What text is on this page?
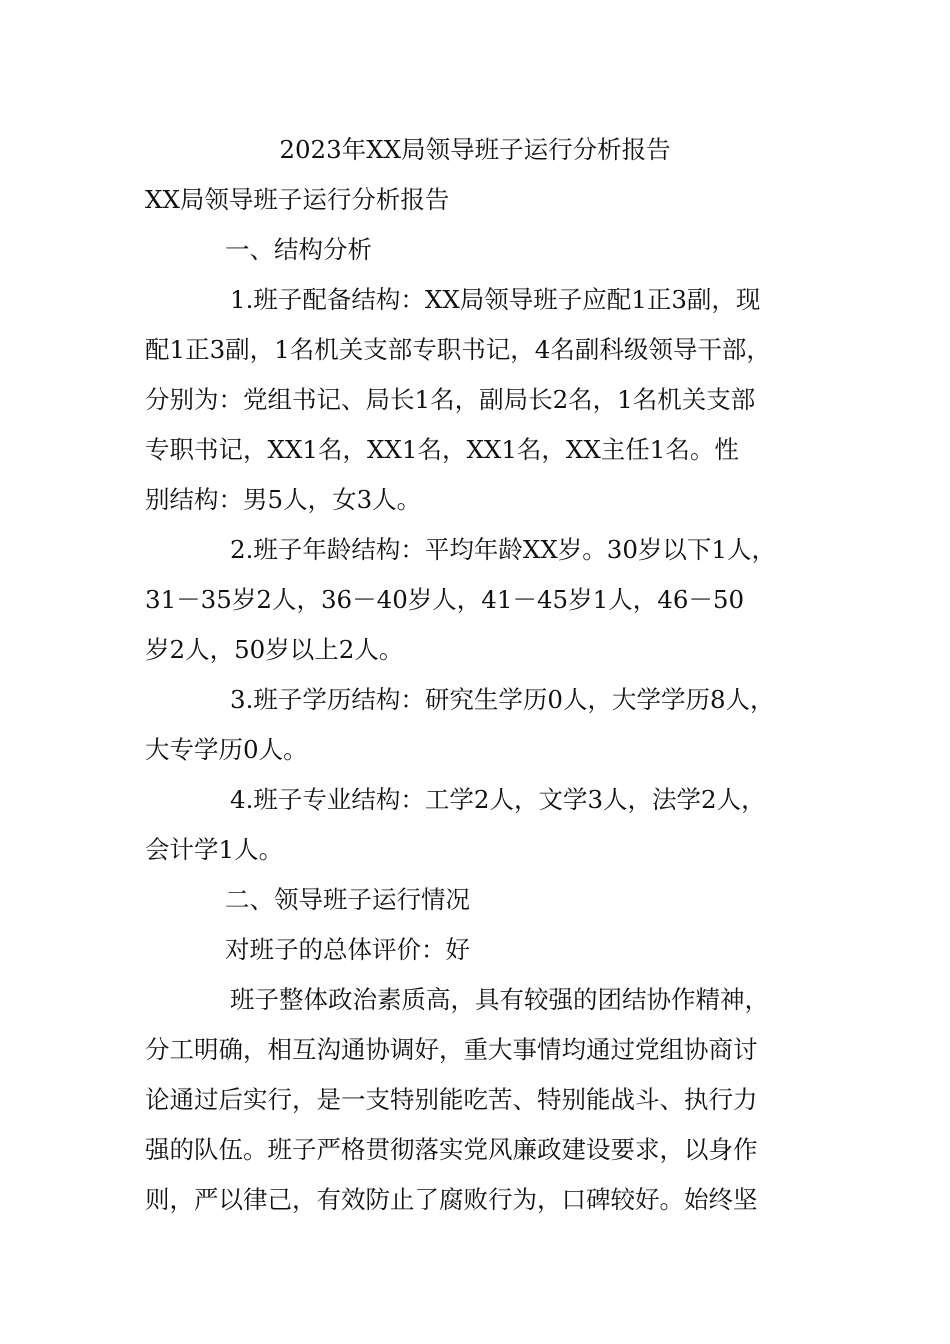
2023年XX局领导班子运行分析报告
XX局领导班子运行分析报告
一、结构分析
1.班子配备结构：XX局领导班子应配1正3副，现
配1正3副，1名机关支部专职书记，4名副科级领导干部，
分别为：党组书记、局长1名，副局长2名，1名机关支部
专职书记，XX1名，XX1名，XX1名，XX主任1名。性
别结构：男5人，女3人。
2.班子年龄结构：平均年龄XX岁。30岁以下1人，
31－35岁2人，36－40岁人，41－45岁1人，46－50
岁2人，50岁以上2人。
3.班子学历结构：研究生学历0人，大学学历8人，
大专学历0人。
4.班子专业结构：工学2人，文学3人，法学2人，
会计学1人。
二、领导班子运行情况
对班子的总体评价：好
班子整体政治素质高，具有较强的团结协作精神，
分工明确，相互沟通协调好，重大事情均通过党组协商讨
论通过后实行，是一支特别能吃苦、特别能战斗、执行力
强的队伍。班子严格贯彻落实党风廉政建设要求，以身作
则，严以律己，有效防止了腐败行为，口碑较好。始终坚
